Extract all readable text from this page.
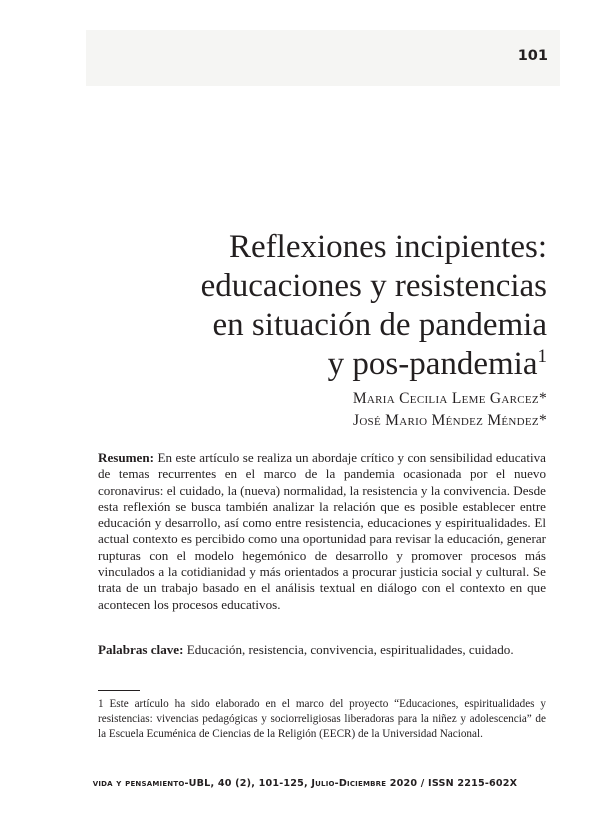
101
Reflexiones incipientes:
educaciones y resistencias
en situación de pandemia
y pos-pandemia$^1$
Maria Cecilia Leme Garcez*
José Mario Méndez Méndez*

Resumen: En este artículo se realiza un abordaje crítico y con sensibilidad educativa de temas recurrentes en el marco de la pandemia ocasionada por el nuevo coronavirus: el cuidado, la (nueva) normalidad, la resistencia y la convivencia. Desde esta reflexión se busca también analizar la relación que es posible establecer entre educación y desarrollo, así como entre resistencia, educaciones y espiritualidades. El actual contexto es percibido como una oportunidad para revisar la educación, generar rupturas con el modelo hegemónico de desarrollo y promover procesos más vinculados a la cotidianidad y más orientados a procurar justicia social y cultural. Se trata de un trabajo basado en el análisis textual en diálogo con el contexto en que acontecen los procesos educativos.

Palabras clave: Educación, resistencia, convivencia, espiritualidades, cuidado.

1 Este artículo ha sido elaborado en el marco del proyecto “Educaciones, espiritualidades y resistencias: vivencias pedagógicas y sociorreligiosas liberadoras para la niñez y adolescencia” de la Escuela Ecuménica de Ciencias de la Religión (EECR) de la Universidad Nacional.

vida y pensamiento-UBL, 40 (2), 101-125, Julio-Diciembre 2020 / ISSN 2215-602X
